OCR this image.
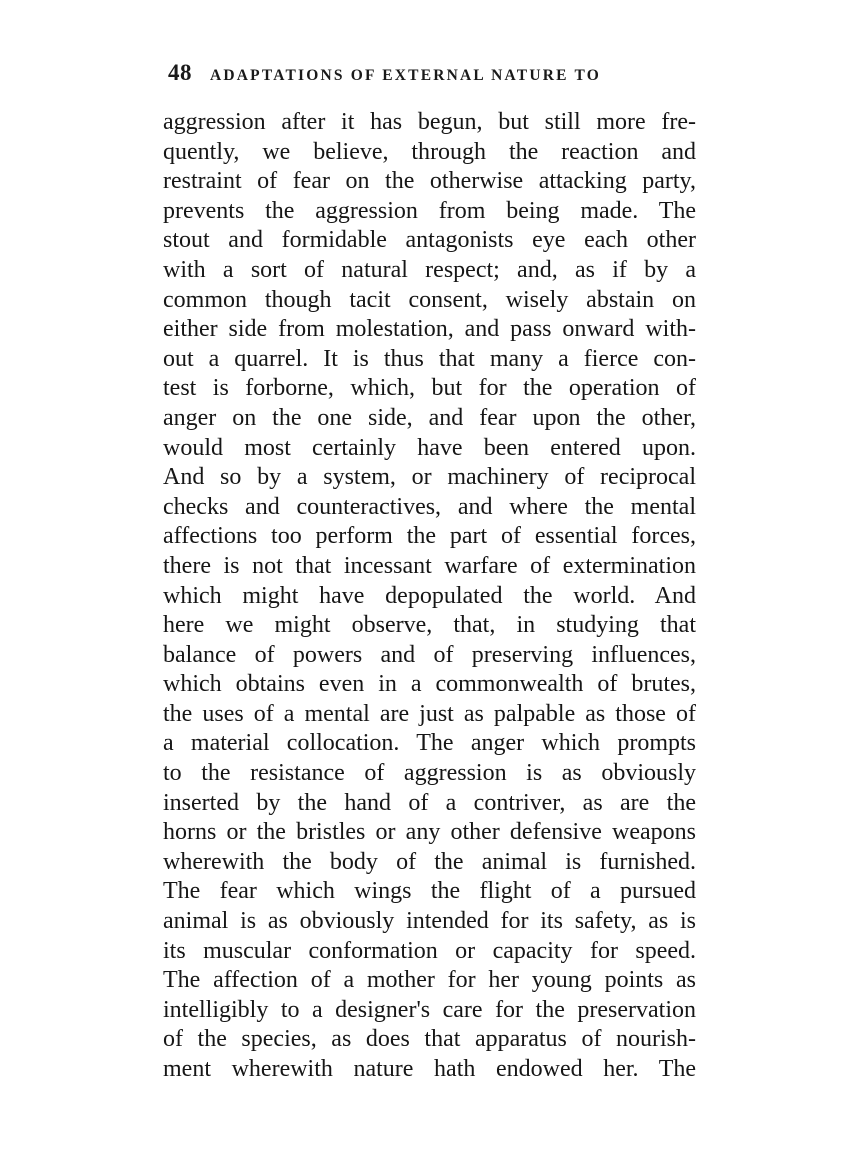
48 ADAPTATIONS OF EXTERNAL NATURE TO
aggression after it has begun, but still more fre-
quently, we believe, through the reaction and
restraint of fear on the otherwise attacking party,
prevents the aggression from being made. The
stout and formidable antagonists eye each other
with a sort of natural respect; and, as if by a
common though tacit consent, wisely abstain on
either side from molestation, and pass onward with-
out a quarrel. It is thus that many a fierce con-
test is forborne, which, but for the operation of
anger on the one side, and fear upon the other,
would most certainly have been entered upon.
And so by a system, or machinery of reciprocal
checks and counteractives, and where the mental
affections too perform the part of essential forces,
there is not that incessant warfare of extermination
which might have depopulated the world. And
here we might observe, that, in studying that
balance of powers and of preserving influences,
which obtains even in a commonwealth of brutes,
the uses of a mental are just as palpable as those of
a material collocation. The anger which prompts
to the resistance of aggression is as obviously
inserted by the hand of a contriver, as are the
horns or the bristles or any other defensive weapons
wherewith the body of the animal is furnished.
The fear which wings the flight of a pursued
animal is as obviously intended for its safety, as is
its muscular conformation or capacity for speed.
The affection of a mother for her young points as
intelligibly to a designer's care for the preservation
of the species, as does that apparatus of nourish-
ment wherewith nature hath endowed her. The
